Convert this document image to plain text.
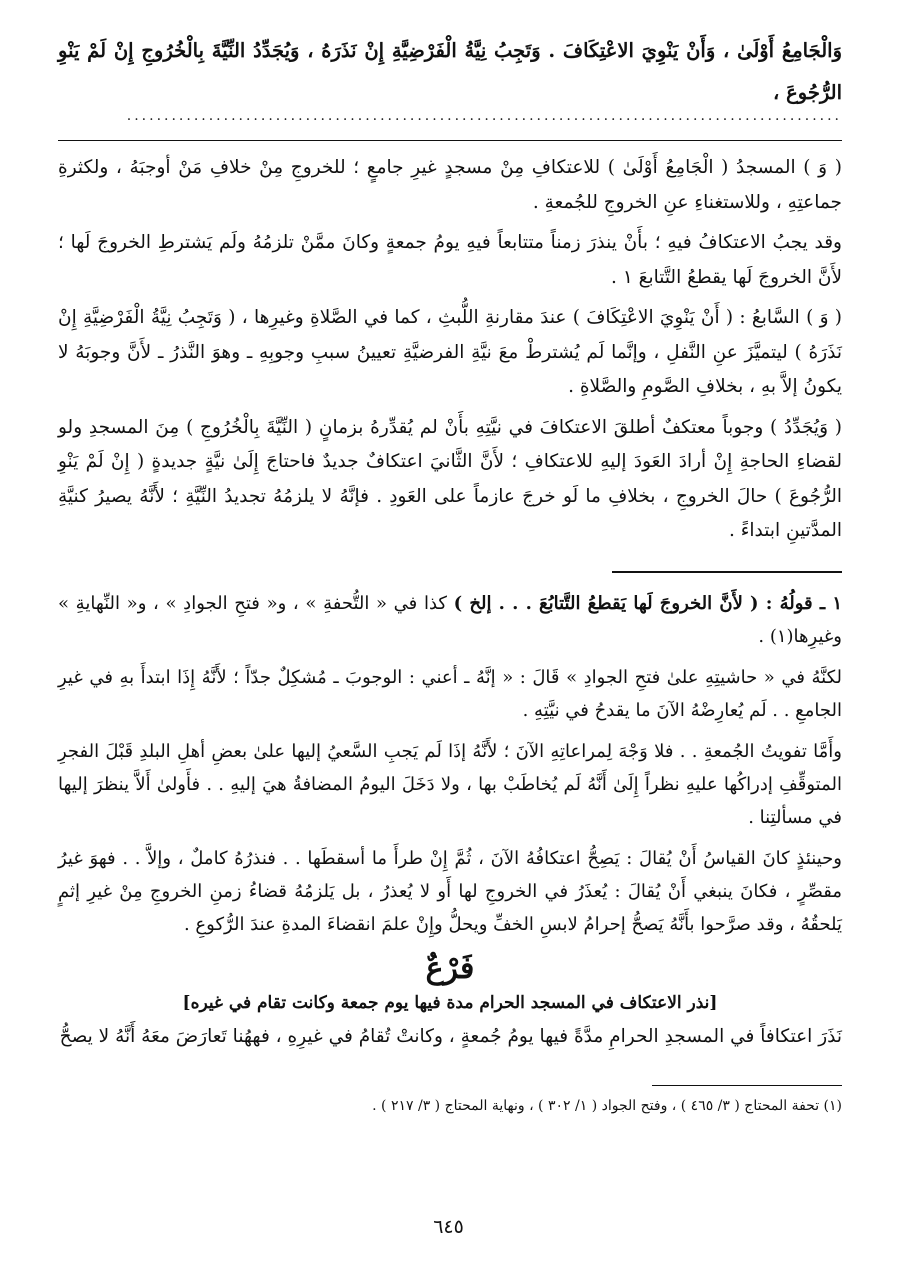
وَالْجَامِعُ أَوْلَىٰ ، وَأَنْ يَنْوِيَ الاعْتِكَافَ . وَتَجِبُ نِيَّةُ الْفَرْضِيَّةِ إِنْ نَذَرَهُ ، وَيُجَدِّدُ النِّيَّةَ بِالْخُرُوجِ إِنْ لَمْ يَنْوِ الرُّجُوعَ ،
................................................................................................

( وَ ) المسجدُ ( الْجَامِعُ أَوْلَىٰ ) للاعتكافِ مِنْ مسجدٍ غيرِ جامعٍ ؛ للخروجِ مِنْ خلافِ مَنْ أوجبَهُ ، ولكثرةِ جماعتِهِ ، وللاستغناءِ عنِ الخروجِ للجُمعةِ .

وقد يجبُ الاعتكافُ فيهِ ؛ بأَنْ ينذرَ زمناً متتابعاً فيهِ يومُ جمعةٍ وكانَ ممَّنْ تلزمُهُ ولَم يَشترطِ الخروجَ لَها ؛ لأَنَّ الخروجَ لَها يقطعُ التَّتابعَ ١ .

( وَ ) السَّابعُ : ( أَنْ يَنْوِيَ الاعْتِكَافَ ) عندَ مقارنةِ اللُّبثِ ، كما في الصَّلاةِ وغيرِها ، ( وَتَجِبُ نِيَّةُ الْفَرْضِيَّةِ إِنْ نَذَرَهُ ) ليتميَّزَ عنِ النَّفلِ ، وإنَّما لَم يُشترطْ معَ نيَّةِ الفرضيَّةِ تعيينُ سببِ وجوبِهِ ـ وهوَ النَّذرُ ـ لأَنَّ وجوبَهُ لا يكونُ إلاَّ بهِ ، بخلافِ الصَّومِ والصَّلاةِ .

( وَيُجَدِّدُ ) وجوباً معتكفٌ أطلقَ الاعتكافَ في نيَّتِهِ بأَنْ لم يُقدِّرهُ بزمانٍ ( النِّيَّةَ بِالْخُرُوجِ ) مِنَ المسجدِ ولو لقضاءِ الحاجةِ إِنْ أرادَ العَودَ إليهِ للاعتكافِ ؛ لأَنَّ الثَّانيَ اعتكافٌ جديدٌ فاحتاجَ إِلَىٰ نيَّةٍ جديدةٍ ( إِنْ لَمْ يَنْوِ الرُّجُوعَ ) حالَ الخروجِ ، بخلافِ ما لَو خرجَ عازماً على العَودِ . فإنَّهُ لا يلزمُهُ تجديدُ النِّيَّةِ ؛ لأَنَّهُ يصيرُ كنيَّةِ المدَّتينِ ابتداءً .

١ ـ قولُهُ : ( لأَنَّ الخروجَ لَها يَقطعُ التَّتابُعَ . . . إلخ ) كذا في « التُّحفةِ » ، و« فتحِ الجوادِ » ، و« النِّهايةِ » وغيرِها(١) .

لكنَّهُ في « حاشيتِهِ علىٰ فتحِ الجوادِ » قَالَ : « إنَّهُ ـ أعني : الوجوبَ ـ مُشكِلٌ جدّاً ؛ لأَنَّهُ إِذَا ابتدأَ بهِ في غيرِ الجامعِ . . لَم يُعارِضْهُ الآنَ ما يقدحُ في نيَّتِهِ .

وأَمَّا تفويتُ الجُمعةِ . . فلا وَجْهَ لِمراعاتِهِ الآنَ ؛ لأَنَّهُ إذَا لَم يَجبِ السَّعيُ إليها علىٰ بعضِ أهلِ البلدِ قَبْلَ الفجرِ المتوقِّفِ إدراكُها عليهِ نظراً إِلَىٰ أَنَّهُ لَم يُخاطَبْ بها ، ولا دَخَلَ اليومُ المضافةُ هيَ إليهِ . . فأَولىٰ أَلاَّ ينظرَ إليها في مسألتِنا .

وحينئذٍ كانَ القياسُ أَنْ يُقالَ : يَصِحُّ اعتكافُهُ الآنَ ، ثُمَّ إِنْ طرأَ ما أسقطَها . . فنذرُهُ كاملٌ ، وإلاَّ . . فهوَ غيرُ مقصِّرٍ ، فكانَ ينبغي أَنْ يُقالَ : يُعذَرُ في الخروجِ لها أَو لا يُعذرُ ، بل يَلزمُهُ قضاءُ زمنِ الخروجِ مِنْ غيرِ إثمٍ يَلحقُهُ ، وقد صرَّحوا بأَنَّهُ يَصحُّ إحرامُ لابسِ الخفِّ ويحلُّ وإِنْ علمَ انقضاءَ المدةِ عندَ الرُّكوعِ .

فَرْعٌ
[نذر الاعتكاف في المسجد الحرام مدة فيها يوم جمعة وكانت تقام في غيره]

نَذَرَ اعتكافاً في المسجدِ الحرامِ مدَّةً فيها يومُ جُمعةٍ ، وكانتْ تُقامُ في غيرِهِ ، فههُنا تَعارَضَ معَهُ أَنَّهُ لا يصحُّ

(١) تحفة المحتاج ( ٣/ ٤٦٥ ) ، وفتح الجواد ( ١/ ٣٠٢ ) ، ونهاية المحتاج ( ٣/ ٢١٧ ) .

٦٤٥
